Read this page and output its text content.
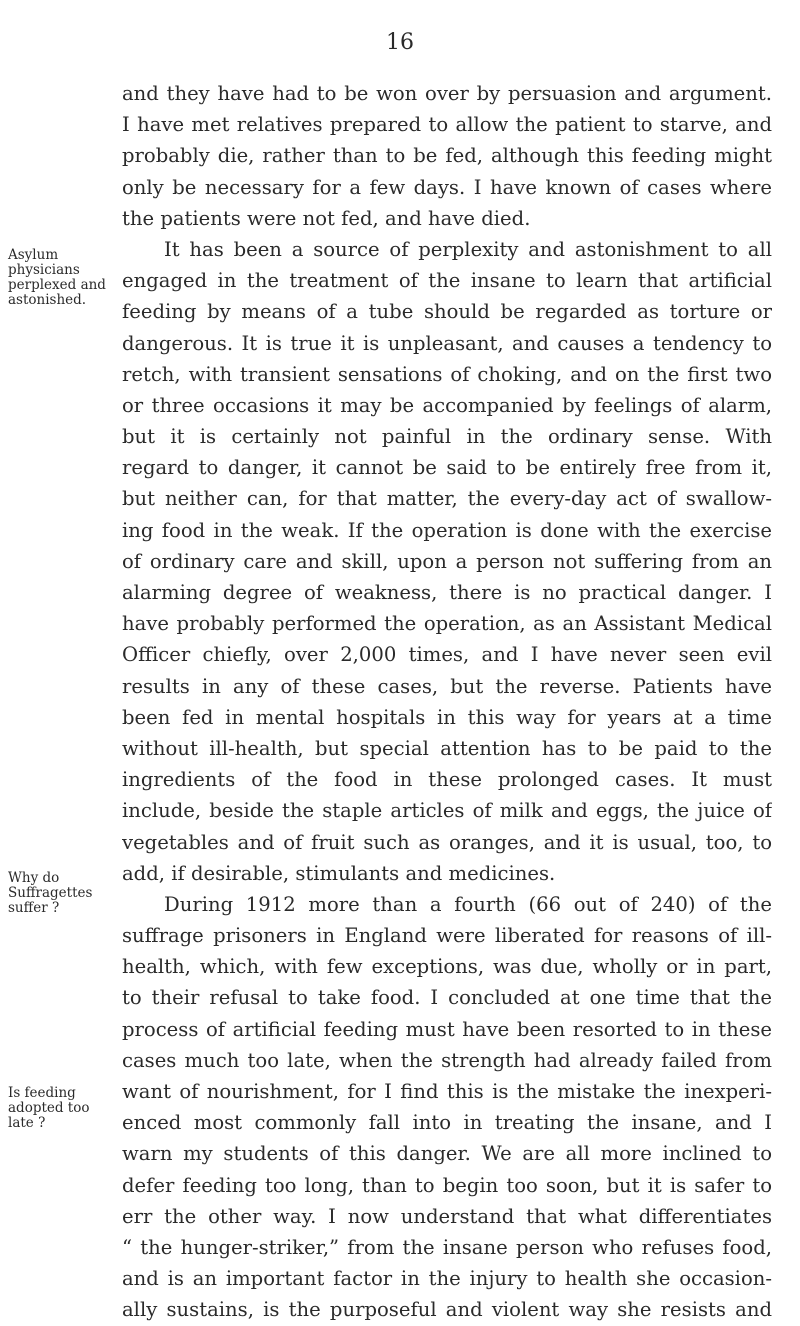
16
Asylum
physicians
perplexed and
astonished.
Why do
Suffragettes
suffer ?
Is feeding
adopted too
late ?
and they have had to be won over by persuasion and argument.
I have met relatives prepared to allow the patient to starve, and
probably die, rather than to be fed, although this feeding might
only be necessary for a few days. I have known of cases where
the patients were not fed, and have died.
It has been a source of perplexity and astonishment to all
engaged in the treatment of the insane to learn that artificial
feeding by means of a tube should be regarded as torture or
dangerous. It is true it is unpleasant, and causes a tendency to
retch, with transient sensations of choking, and on the first two
or three occasions it may be accompanied by feelings of alarm,
but it is certainly not painful in the ordinary sense. With
regard to danger, it cannot be said to be entirely free from it,
but neither can, for that matter, the every-day act of swallow-
ing food in the weak. If the operation is done with the exercise
of ordinary care and skill, upon a person not suffering from an
alarming degree of weakness, there is no practical danger. I
have probably performed the operation, as an Assistant Medical
Officer chiefly, over 2,000 times, and I have never seen evil
results in any of these cases, but the reverse. Patients have
been fed in mental hospitals in this way for years at a time
without ill-health, but special attention has to be paid to the
ingredients of the food in these prolonged cases. It must
include, beside the staple articles of milk and eggs, the juice of
vegetables and of fruit such as oranges, and it is usual, too, to
add, if desirable, stimulants and medicines.
During 1912 more than a fourth (66 out of 240) of the
suffrage prisoners in England were liberated for reasons of ill-
health, which, with few exceptions, was due, wholly or in part,
to their refusal to take food. I concluded at one time that the
process of artificial feeding must have been resorted to in these
cases much too late, when the strength had already failed from
want of nourishment, for I find this is the mistake the inexperi-
enced most commonly fall into in treating the insane, and I
warn my students of this danger. We are all more inclined to
defer feeding too long, than to begin too soon, but it is safer to
err the other way. I now understand that what differentiates
“ the hunger-striker,” from the insane person who refuses food,
and is an important factor in the injury to health she occasion-
ally sustains, is the purposeful and violent way she resists and
